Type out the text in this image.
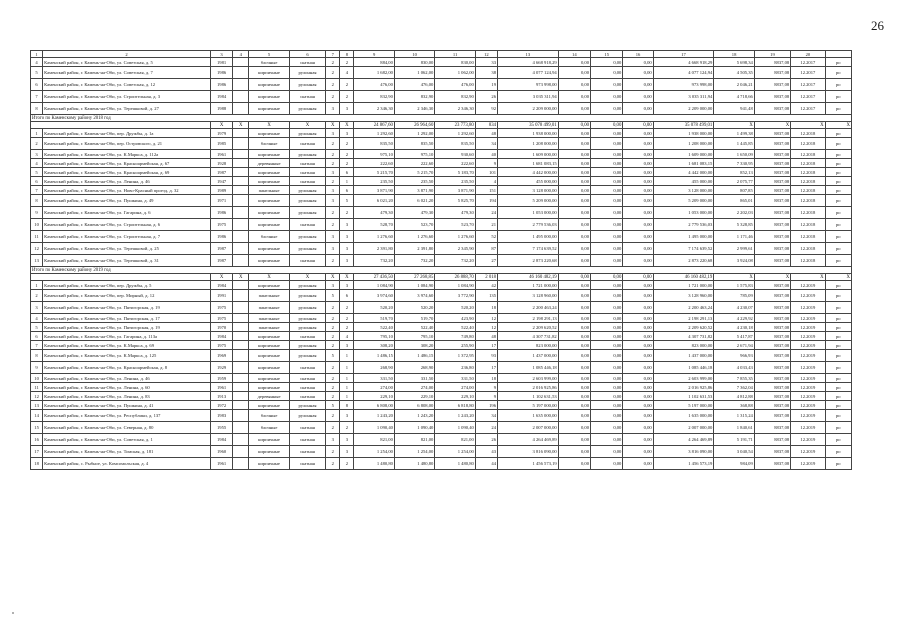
26
1	2	3	4	5	6	7	8	9	10	11	12	13	14	15	16	17	18	19	20	
4	Каменский район, г. Камень-на-Оби, ул. Советская, д. 5	1981		блочные	скатная	2	2	884,00	830,00	830,00	33	4 668 918,29	0,00	0,00	0,00	4 668 918,29	5 698,34	8837,08	12.2017	ро
5	Каменский район, г. Камень-на-Оби, ул. Советская, д. 7	1986		кирпичные	рулонная	2	4	1 682,00	1 062,00	1 062,00	38	4 077 124,94	0,00	0,00	0,00	4 077 124,94	4 505,35	8837,08	12.2017	ро
6	Каменский район, г. Камень-на-Оби, ул. Советская, д. 12	1986		кирпичные	рулонная	2	2	476,00	476,00	476,00	19	973 998,00	0,00	0,00	0,00	973 998,00	2 046,21	8837,08	12.2017	ро
7	Каменский район, г. Камень-на-Оби, ул. Строительная, д. 3	1984		кирпичные	скатная	2	2	832,90	832,90	832,90	26	3 035 311,94	0,00	0,00	0,00	3 035 311,94	4 718,66	8837,08	12.2017	ро
8	Каменский район, г. Камень-на-Оби, ул. Терешковой, д. 27	1988		кирпичные	рулонная	3	3	2 346,30	2 346,30	2 346,30	92	2 209 000,00	0,00	0,00	0,00	2 209 000,00	941,48	8837,08	12.2017	ро
Итого по Каменскому району 2018 год																				
		X	X	X	X	X	X	24 867,60	26 964,60	23 773,80	834	35 078 499,01	0,00	0,00	0,00	35 078 499,01	X	X	X	X
1	Каменский район, г. Камень-на-Оби, пер. Дружбы, д. 1а	1979		кирпичные	рулонная	3	3	1 292,60	1 292,00	1 292,60	48	1 938 000,00	0,00	0,00	0,00	1 938 000,00	1 499,38	8837,08	12.2018	ро
2	Каменский район, г. Камень-на-Оби, пер. Островского, д. 21	1985		блочные	скатная	2	2	835,50	835,50	835,50	34	1 208 000,00	0,00	0,00	0,00	1 208 000,00	1 445,85	8837,08	12.2018	ро
3	Каменский район, г. Камень-на-Оби, ул. К.Маркса, д. 112а	1961		кирпичные	рулонная	2	2	975,10	975,10	930,60	40	1 609 000,00	0,00	0,00	0,00	1 609 000,00	1 650,09	8837,08	12.2018	ро
4	Каменский район, г. Камень-на-Оби, ул. Красноармейская, д. 67	1928		деревянные	скатная	2	2	222,60	222,60	222,60	9	1 681 083,15	0,00	0,00	0,00	1 681 083,15	7 330,95	8837,08	12.2018	ро
5	Каменский район, г. Камень-на-Оби, ул. Красноармейская, д. 69	1987		кирпичные	скатная	3	6	5 215,70	5 215,70	5 183,70	101	4 442 000,00	0,00	0,00	0,00	4 442 000,00	852,13	8837,08	12.2018	ро
6	Каменский район, г. Камень-на-Оби, ул. Ленина, д. 46	1947		кирпичные	скатная	2	1	235,50	235,50	235,50	4	455 000,00	0,00	0,00	0,00	455 000,00	2 075,77	8837,08	12.2018	ро
7	Каменский район, г. Камень-на-Оби, ул. Ново-Красный проезд, д. 32	1989		панельные	рулонная	3	6	3 871,90	3 871,90	3 871,90	151	3 128 000,00	0,00	0,00	0,00	3 128 000,00	807,85	8837,08	12.2018	ро
8	Каменский район, г. Камень-на-Оби, ул. Пушкина, д. 49	1971		кирпичные	рулонная	3	5	6 021,20	6 021,20	5 825,70	194	5 209 000,00	0,00	0,00	0,00	5 209 000,00	865,01	8837,08	12.2018	ро
9	Каменский район, г. Камень-на-Оби, ул. Гагарина, д. 6	1986		кирпичные	рулонная	2	2	479,30	479,30	479,30	24	1 053 000,00	0,00	0,00	0,00	1 053 000,00	2 202,03	8837,08	12.2018	ро
10	Каменский район, г. Камень-на-Оби, ул. Строительная, д. 6	1975		кирпичные	скатная	2	3	528,70	523,70	523,70	21	2 779 536,03	0,00	0,00	0,00	2 779 536,03	5 328,85	8837,08	12.2018	ро
11	Каменский район, г. Камень-на-Оби, ул. Строительная, д. 7	1986		блочные	рулонная	3	3	1 276,60	1 276,60	1 276,60	52	1 495 000,00	0,00	0,00	0,00	1 495 000,00	1 171,46	8837,08	12.2018	ро
12	Каменский район, г. Камень-на-Оби, ул. Терешковой, д. 25	1987		кирпичные	рулонная	3	3	2 391,80	2 391,80	2 345,90	87	7 174 639,52	0,00	0,00	0,00	7 174 639,52	2 999,61	8837,08	12.2018	ро
13	Каменский район, г. Камень-на-Оби, ул. Терешковой, д. 31	1987		кирпичные	скатная	2	3	732,20	732,20	732,20	27	2 873 220,68	0,00	0,00	0,00	2 873 220,68	3 924,08	8837,08	12.2018	ро
Итого по Каменскому району 2019 год																				
		X	X	X	X	X	X	27 436,50	27 268,85	26 888,70	2 018	46 160 482,19	0,00	0,00	0,00	46 160 482,19	X	X	X	X
1	Каменский район, г. Камень-на-Оби, пер. Дружбы, д. 5	1984		кирпичные	рулонная	3	3	1 084,90	1 084,90	1 084,90	42	1 721 000,00	0,00	0,00	0,00	1 721 000,00	1 575,83	8837,08	12.2019	ро
2	Каменский район, г. Камень-на-Оби, пер. Мирный, д. 12	1991		панельные	рулонная	5	6	3 974,60	3 974,60	3 772,90	135	3 128 960,00	0,00	0,00	0,00	3 128 960,00	785,09	8837,08	12.2019	ро
3	Каменский район, г. Камень-на-Оби, ул. Пятигорская, д. 19	1975		панельные	рулонная	2	2	520,20	520,20	520,20	18	2 200 463,24	0,00	0,00	0,00	2 200 463,24	4 230,07	8837,08	12.2019	ро
4	Каменский район, г. Камень-на-Оби, ул. Пятигорская, д. 17	1975		панельные	рулонная	2	2	519,70	519,70	423,90	12	2 198 291,13	0,00	0,00	0,00	2 198 291,13	4 229,92	8837,08	12.2019	ро
5	Каменский район, г. Камень-на-Оби, ул. Пятигорская, д. 19	1970		панельные	рулонная	2	2	522,40	522,40	522,40	12	2 209 620,52	0,00	0,00	0,00	2 209 620,52	4 230,18	8837,08	12.2019	ро
6	Каменский район, г. Камень-на-Оби, ул. Гагарина, д. 113а	1984		кирпичные	скатная	2	4	795,10	795,10	749,80	48	4 307 731,82	0,00	0,00	0,00	4 307 731,82	5 417,87	8837,08	12.2019	ро
7	Каменский район, г. Камень-на-Оби, ул. К.Маркса, д. 69	1975		кирпичные	рулонная	2	3	308,20	308,20	255,90	17	823 000,00	0,00	0,00	0,00	823 000,00	2 671,94	8837,08	12.2019	ро
8	Каменский район, г. Камень-на-Оби, ул. К.Маркса, д. 125	1969		кирпичные	рулонная	5	1	1 486,15	1 486,15	1 372,95	93	1 437 000,00	0,00	0,00	0,00	1 437 000,00	966,93	8837,08	12.2019	ро
9	Каменский район, г. Камень-на-Оби, ул. Красноармейская, д. 8	1929		кирпичные	скатная	2	1	268,90	268,90	236,80	17	1 085 446,18	0,00	0,00	0,00	1 085 446,18	4 033,43	8837,08	12.2019	ро
10	Каменский район, г. Камень-на-Оби, ул. Ленина, д. 46	1959		кирпичные	скатная	2	1	331,50	331,50	331,50	18	2 603 999,00	0,00	0,00	0,00	2 603 999,00	7 855,35	8837,08	12.2019	ро
11	Каменский район, г. Камень-на-Оби, ул. Ленина, д. 60	1961		кирпичные	скатная	2	1	274,00	274,00	274,00	9	2 016 925,86	0,00	0,00	0,00	2 016 925,86	7 362,04	8837,08	12.2019	ро
12	Каменский район, г. Камень-на-Оби, ул. Ленина, д. 83	1913		деревянные	скатная	2	1	229,10	229,10	229,10	9	1 102 631,53	0,00	0,00	0,00	1 102 631,53	4 812,88	8837,08	12.2019	ро
13	Каменский район, г. Камень-на-Оби, ул. Пушкина, д. 41	1972		кирпичные	рулонная	5	8	6 808,00	6 808,00	6 818,80	196	5 197 000,00	0,00	0,00	0,00	5 197 000,00	368,88	8837,08	12.2019	ро
14	Каменский район, г. Камень-на-Оби, ул. Республики, д. 137	1983		блочные	рулонная	2	3	1 243,20	1 243,20	1 243,20	34	1 635 000,00	0,00	0,00	0,00	1 635 000,00	1 315,24	8837,08	12.2019	ро
15	Каменский район, г. Камень-на-Оби, ул. Северная, д. 80	1955		блочные	скатная	2	2	1 090,40	1 090,40	1 090,40	24	2 007 000,00	0,00	0,00	0,00	2 007 000,00	1 840,61	8837,08	12.2019	ро
16	Каменский район, г. Камень-на-Оби, ул. Советская, д. 1	1984		кирпичные	скатная	3	3	821,00	821,00	821,00	26	4 264 469,89	0,00	0,00	0,00	4 264 469,89	5 191,71	8837,08	12.2019	ро
17	Каменский район, г. Камень-на-Оби, ул. Томская, д. 181	1960		кирпичные	скатная	2	3	1 254,00	1 254,00	1 254,00	43	3 816 090,00	0,00	0,00	0,00	3 816 090,00	3 040,54	8837,08	12.2019	ро
18	Каменский район, с. Рыбное, ул. Комсомольская, д. 4	1961		кирпичные	скатная	2	2	1 480,80	1 480,80	1 480,80	44	1 456 573,19	0,00	0,00	0,00	1 456 573,19	984,09	8837,08	12.2019	ро
